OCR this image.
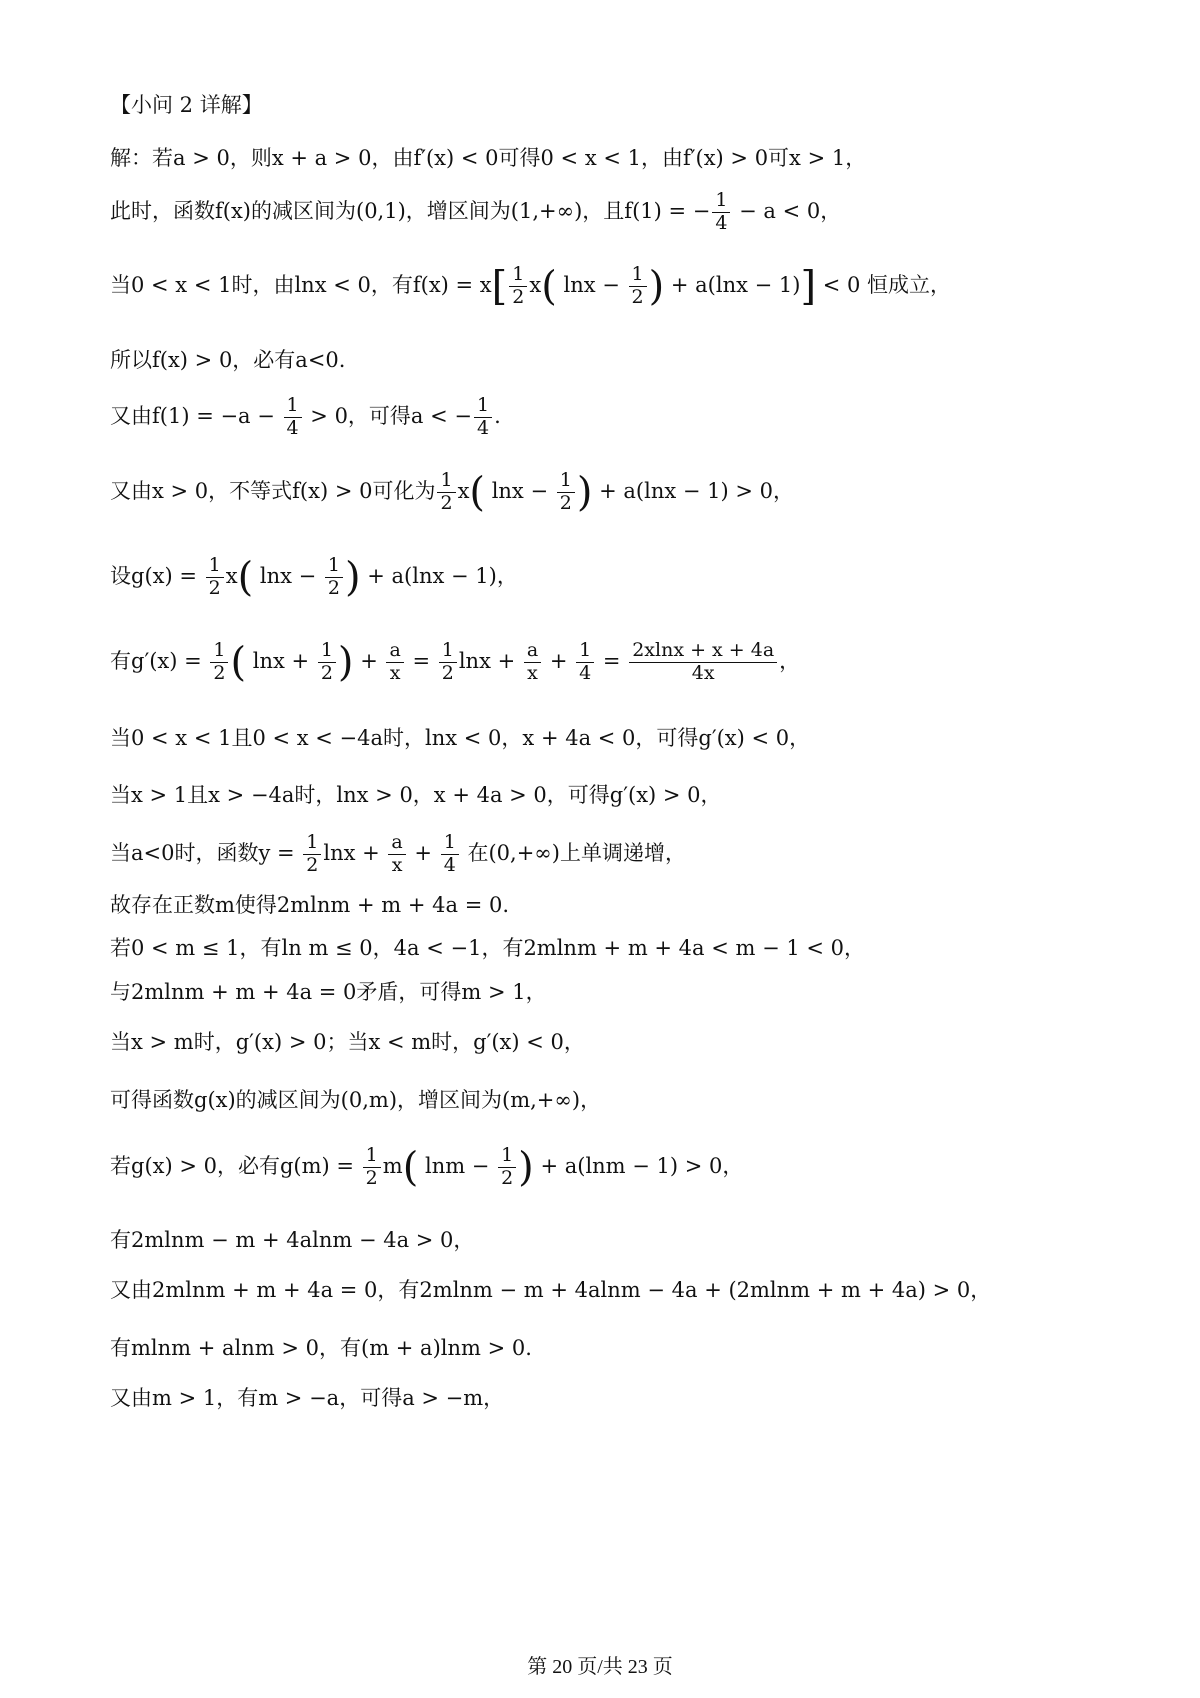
【小问 2 详解】
解：若a > 0，则x + a > 0，由f′(x) < 0可得0 < x < 1，由f′(x) > 0可x > 1，
此时，函数f(x)的减区间为(0,1)，增区间为(1,+∞)，且f(1) = − $\frac{1}{4} - a < 0$，
当0 < x < 1时，由lnx < 0，有$f(x) = x[ \frac{1}{2} x$( $\ln x - \frac{1}{2}$ ) + a(lnx − 1)] < 0 恒成立，
所以f(x) > 0，必有a<0.
又由$f(1) = -a - \frac{1}{4} > 0$，可得a < − $\frac{1}{4}$ .
又由x > 0，不等式f(x) > 0可化为 $\frac{1}{2} x$( $\ln x - \frac{1}{2}$ ) + a(lnx − 1) > 0，
设$g(x) = \frac{1}{2} x$( $\ln x - \frac{1}{2}$ ) + a(lnx − 1)，
有$g'(x) = \frac{1}{2}$ ( $\ln x + \frac{1}{2}$ ) + $\frac{a}{x} = \frac{1}{2}$ $\ln x + \frac{a}{x} + \frac{1}{4} = \frac{2xlnx + x + 4a}{4x}$ ，
当0 < x < 1且0 < x < −4a时，lnx < 0，x + 4a < 0，可得g′(x) < 0，
当x > 1且x > −4a时，lnx > 0，x + 4a > 0，可得g′(x) > 0，
当a<0时，函数$y = \frac{1}{2}$ $\ln x + \frac{a}{x} + \frac{1}{4}$ 在(0,+∞)上单调递增，
故存在正数m使得2mlnm + m + 4a = 0.
若0 < m ≤ 1，有ln m ≤ 0，4a < −1，有2mlnm + m + 4a < m − 1 < 0，
与2mlnm + m + 4a = 0矛盾，可得m > 1，
当x > m时，g′(x) > 0；当x < m时，g′(x) < 0，
可得函数g(x)的减区间为(0,m)，增区间为(m,+∞)，
若g(x) > 0，必有$g(m) = \frac{1}{2} m$( $\ln m - \frac{1}{2}$ ) + a(lnm − 1) > 0，
有2mlnm − m + 4alnm − 4a > 0，
又由2mlnm + m + 4a = 0，有2mlnm − m + 4alnm − 4a + (2mlnm + m + 4a) > 0，
有mlnm + alnm > 0，有(m + a)lnm > 0.
又由m > 1，有m > −a，可得a > −m，
第 20 页/共 23 页
